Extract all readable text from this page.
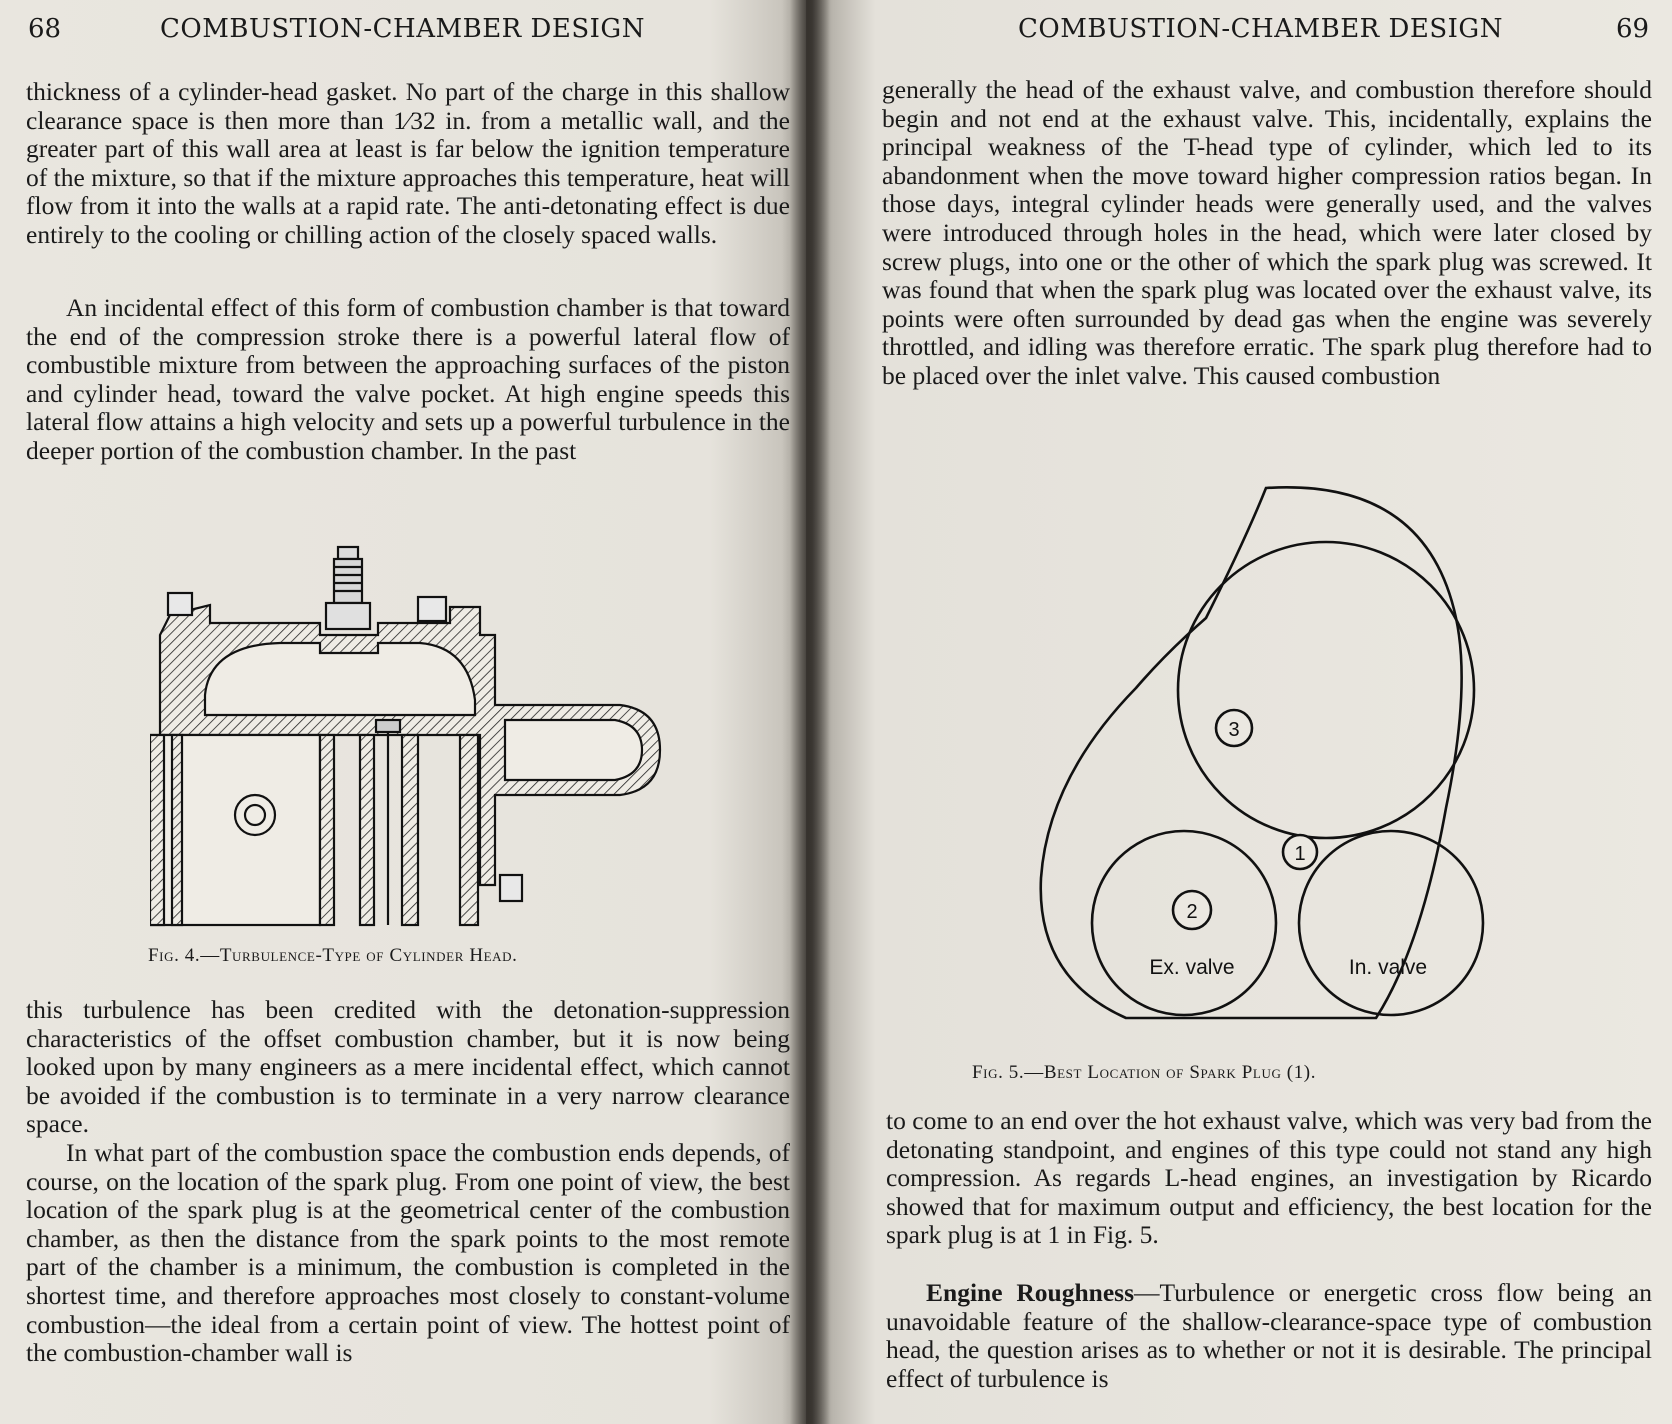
68	COMBUSTION-CHAMBER DESIGN

thickness of a cylinder-head gasket. No part of the charge in this shallow clearance space is then more than 1⁄32 in. from a metallic wall, and the greater part of this wall area at least is far below the ignition temperature of the mixture, so that if the mixture approaches this temperature, heat will flow from it into the walls at a rapid rate. The anti-detonating effect is due entirely to the cooling or chilling action of the closely spaced walls.

An incidental effect of this form of combustion chamber is that toward the end of the compression stroke there is a powerful lateral flow of combustible mixture from between the approaching surfaces of the piston and cylinder head, toward the valve pocket. At high engine speeds this lateral flow attains a high velocity and sets up a powerful turbulence in the deeper portion of the combustion chamber. In the past

Fig. 4.—Turbulence-Type of Cylinder Head.

this turbulence has been credited with the detonation-suppression characteristics of the offset combustion chamber, but it is now being looked upon by many engineers as a mere incidental effect, which cannot be avoided if the combustion is to terminate in a very narrow clearance space.

In what part of the combustion space the combustion ends depends, of course, on the location of the spark plug. From one point of view, the best location of the spark plug is at the geometrical center of the combustion chamber, as then the distance from the spark points to the most remote part of the chamber is a minimum, the combustion is completed in the shortest time, and therefore approaches most closely to constant-volume combustion—the ideal from a certain point of view. The hottest point of the combustion-chamber wall is

COMBUSTION-CHAMBER DESIGN	69

generally the head of the exhaust valve, and combustion therefore should begin and not end at the exhaust valve. This, incidentally, explains the principal weakness of the T-head type of cylinder, which led to its abandonment when the move toward higher compression ratios began. In those days, integral cylinder heads were generally used, and the valves were introduced through holes in the head, which were later closed by screw plugs, into one or the other of which the spark plug was screwed. It was found that when the spark plug was located over the exhaust valve, its points were often surrounded by dead gas when the engine was severely throttled, and idling was therefore erratic. The spark plug therefore had to be placed over the inlet valve. This caused combustion

1
2
3
Ex. valve	In. valve
Fig. 5.—Best Location of Spark Plug (1).

to come to an end over the hot exhaust valve, which was very bad from the detonating standpoint, and engines of this type could not stand any high compression. As regards L-head engines, an investigation by Ricardo showed that for maximum output and efficiency, the best location for the spark plug is at 1 in Fig. 5.

Engine Roughness—Turbulence or energetic cross flow being an unavoidable feature of the shallow-clearance-space type of combustion head, the question arises as to whether or not it is desirable. The principal effect of turbulence is
